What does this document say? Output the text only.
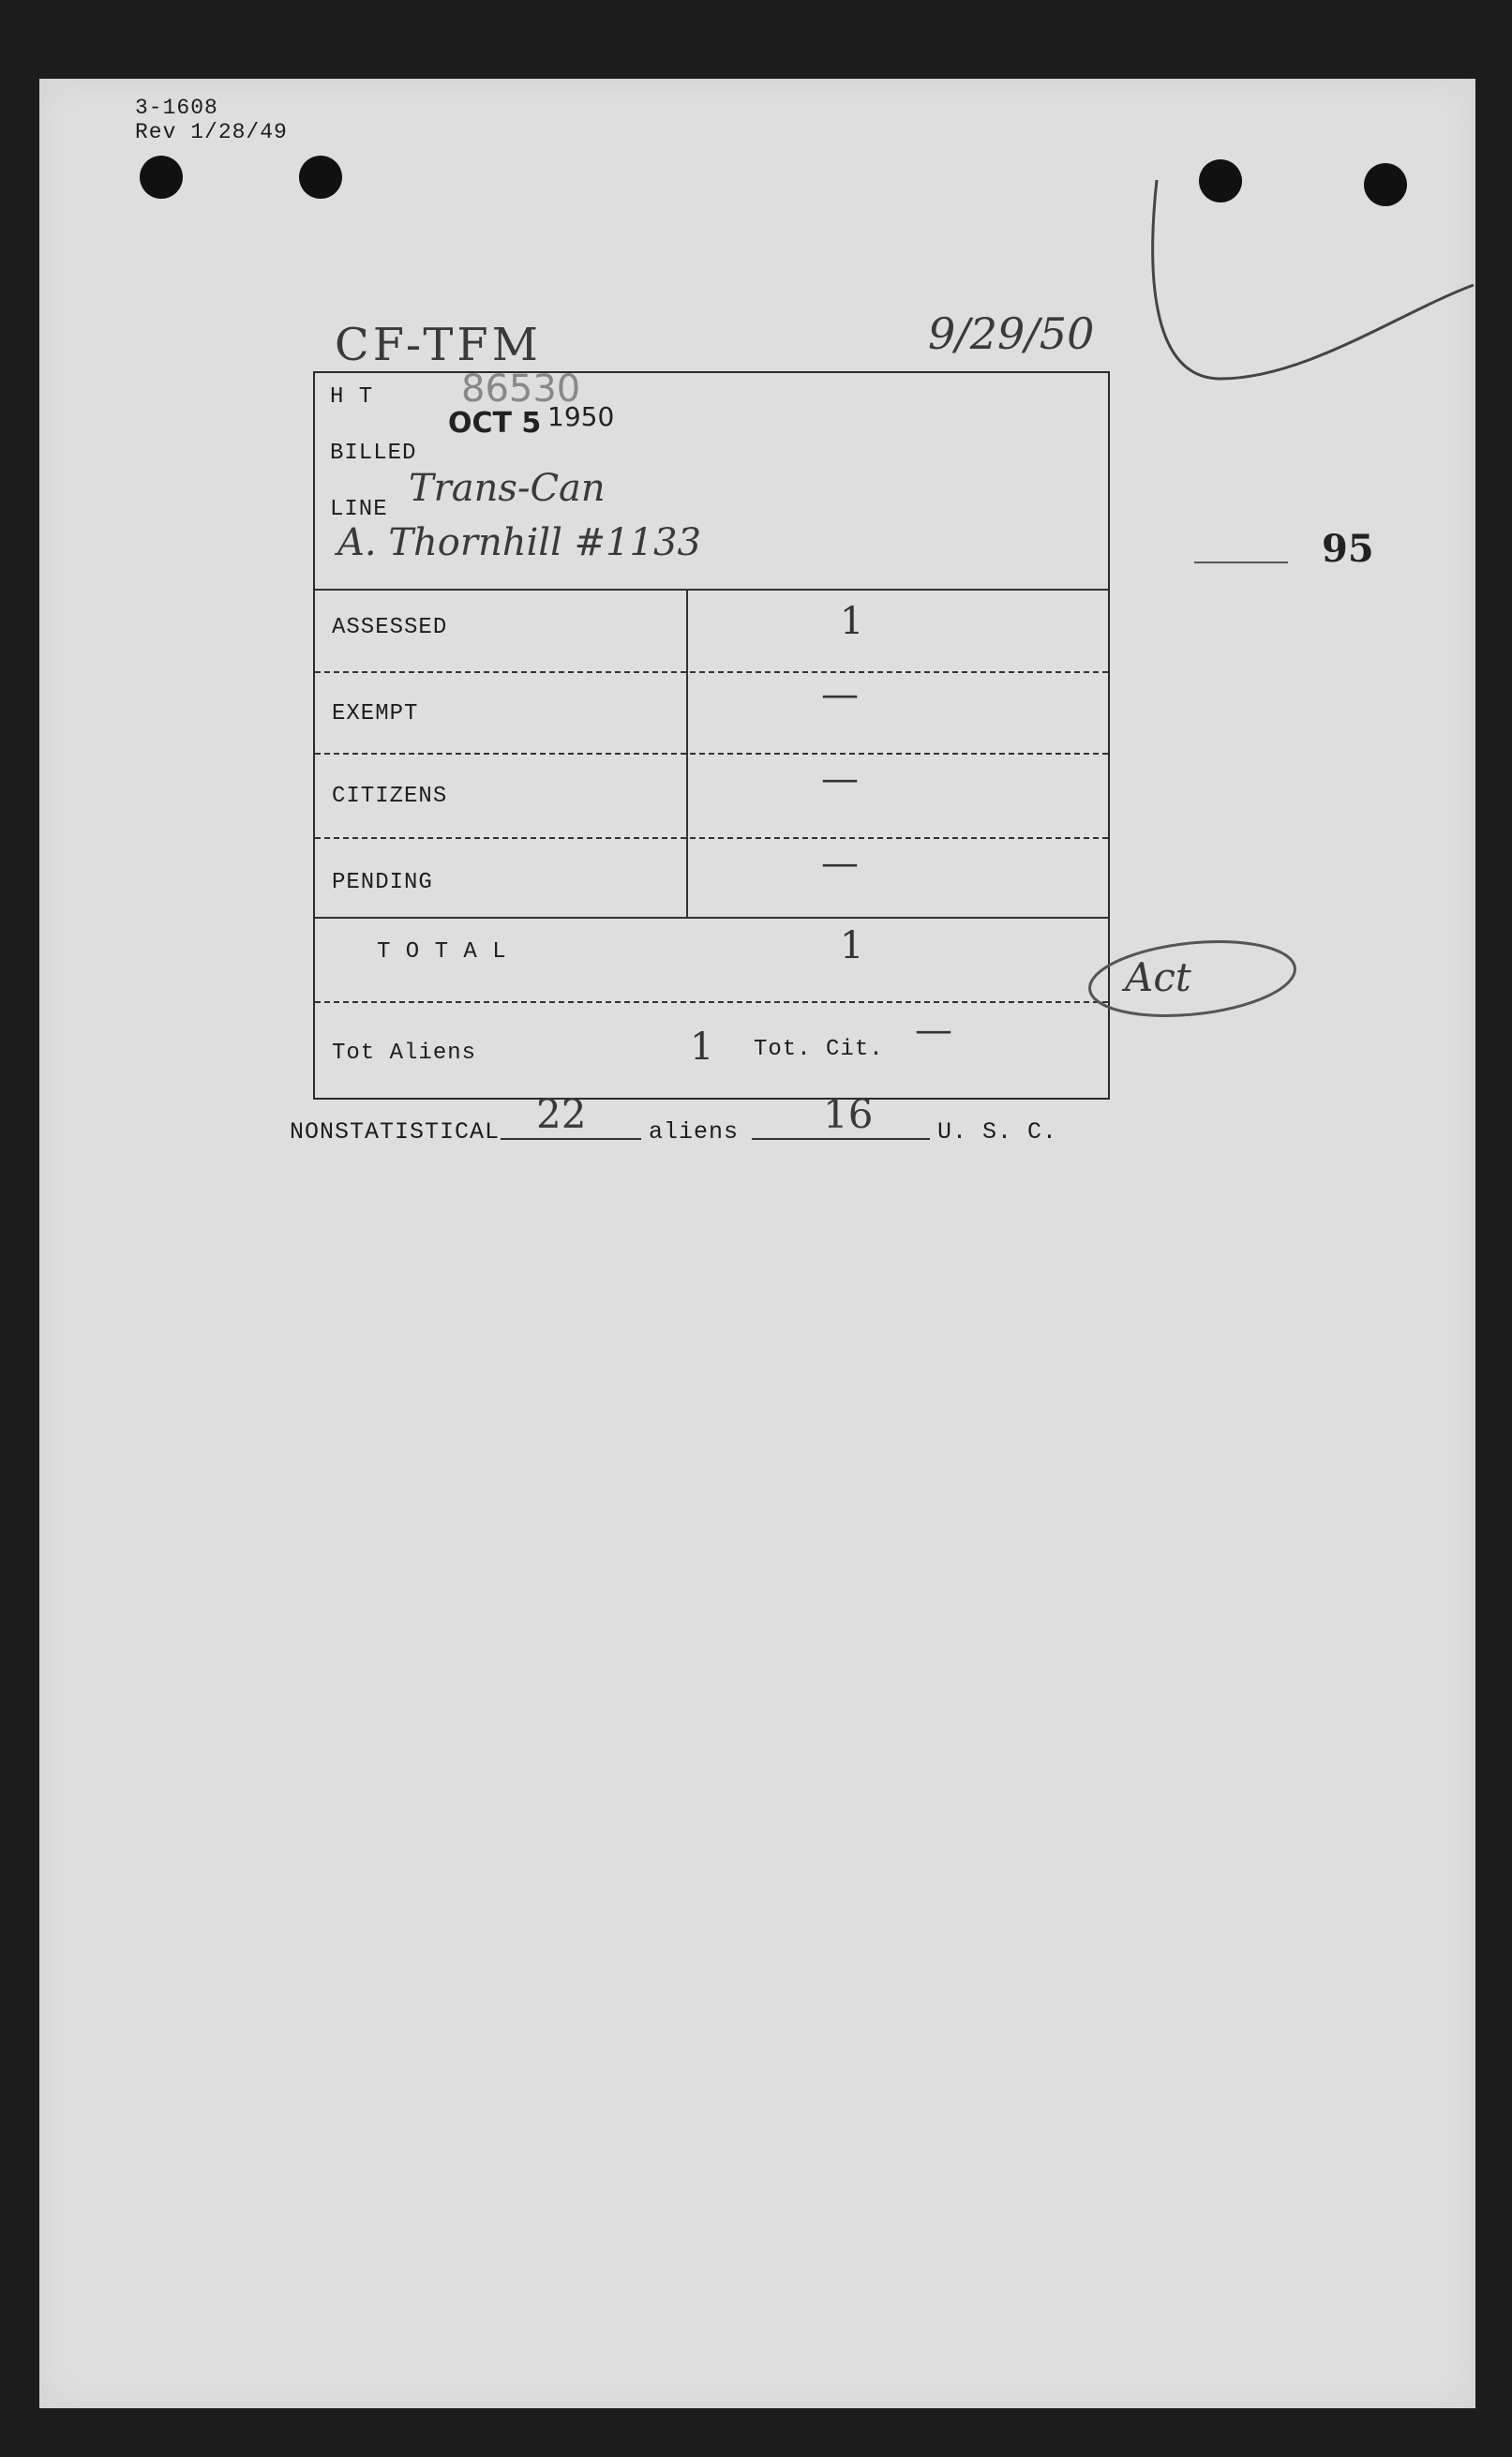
3-1608
Rev 1/28/49
CF-TFM	9/29/50
95
H T 86530
BILLED
OCT 5 1950
LINE Trans-Can
A. Thornhill #1133
ASSESSED	1
EXEMPT	—
CITIZENS	—
PENDING	—
T O T A L	1
Tot Aliens	1 Tot. Cit. —
Act
NONSTATISTICAL 22	aliens 16	U. S. C.
